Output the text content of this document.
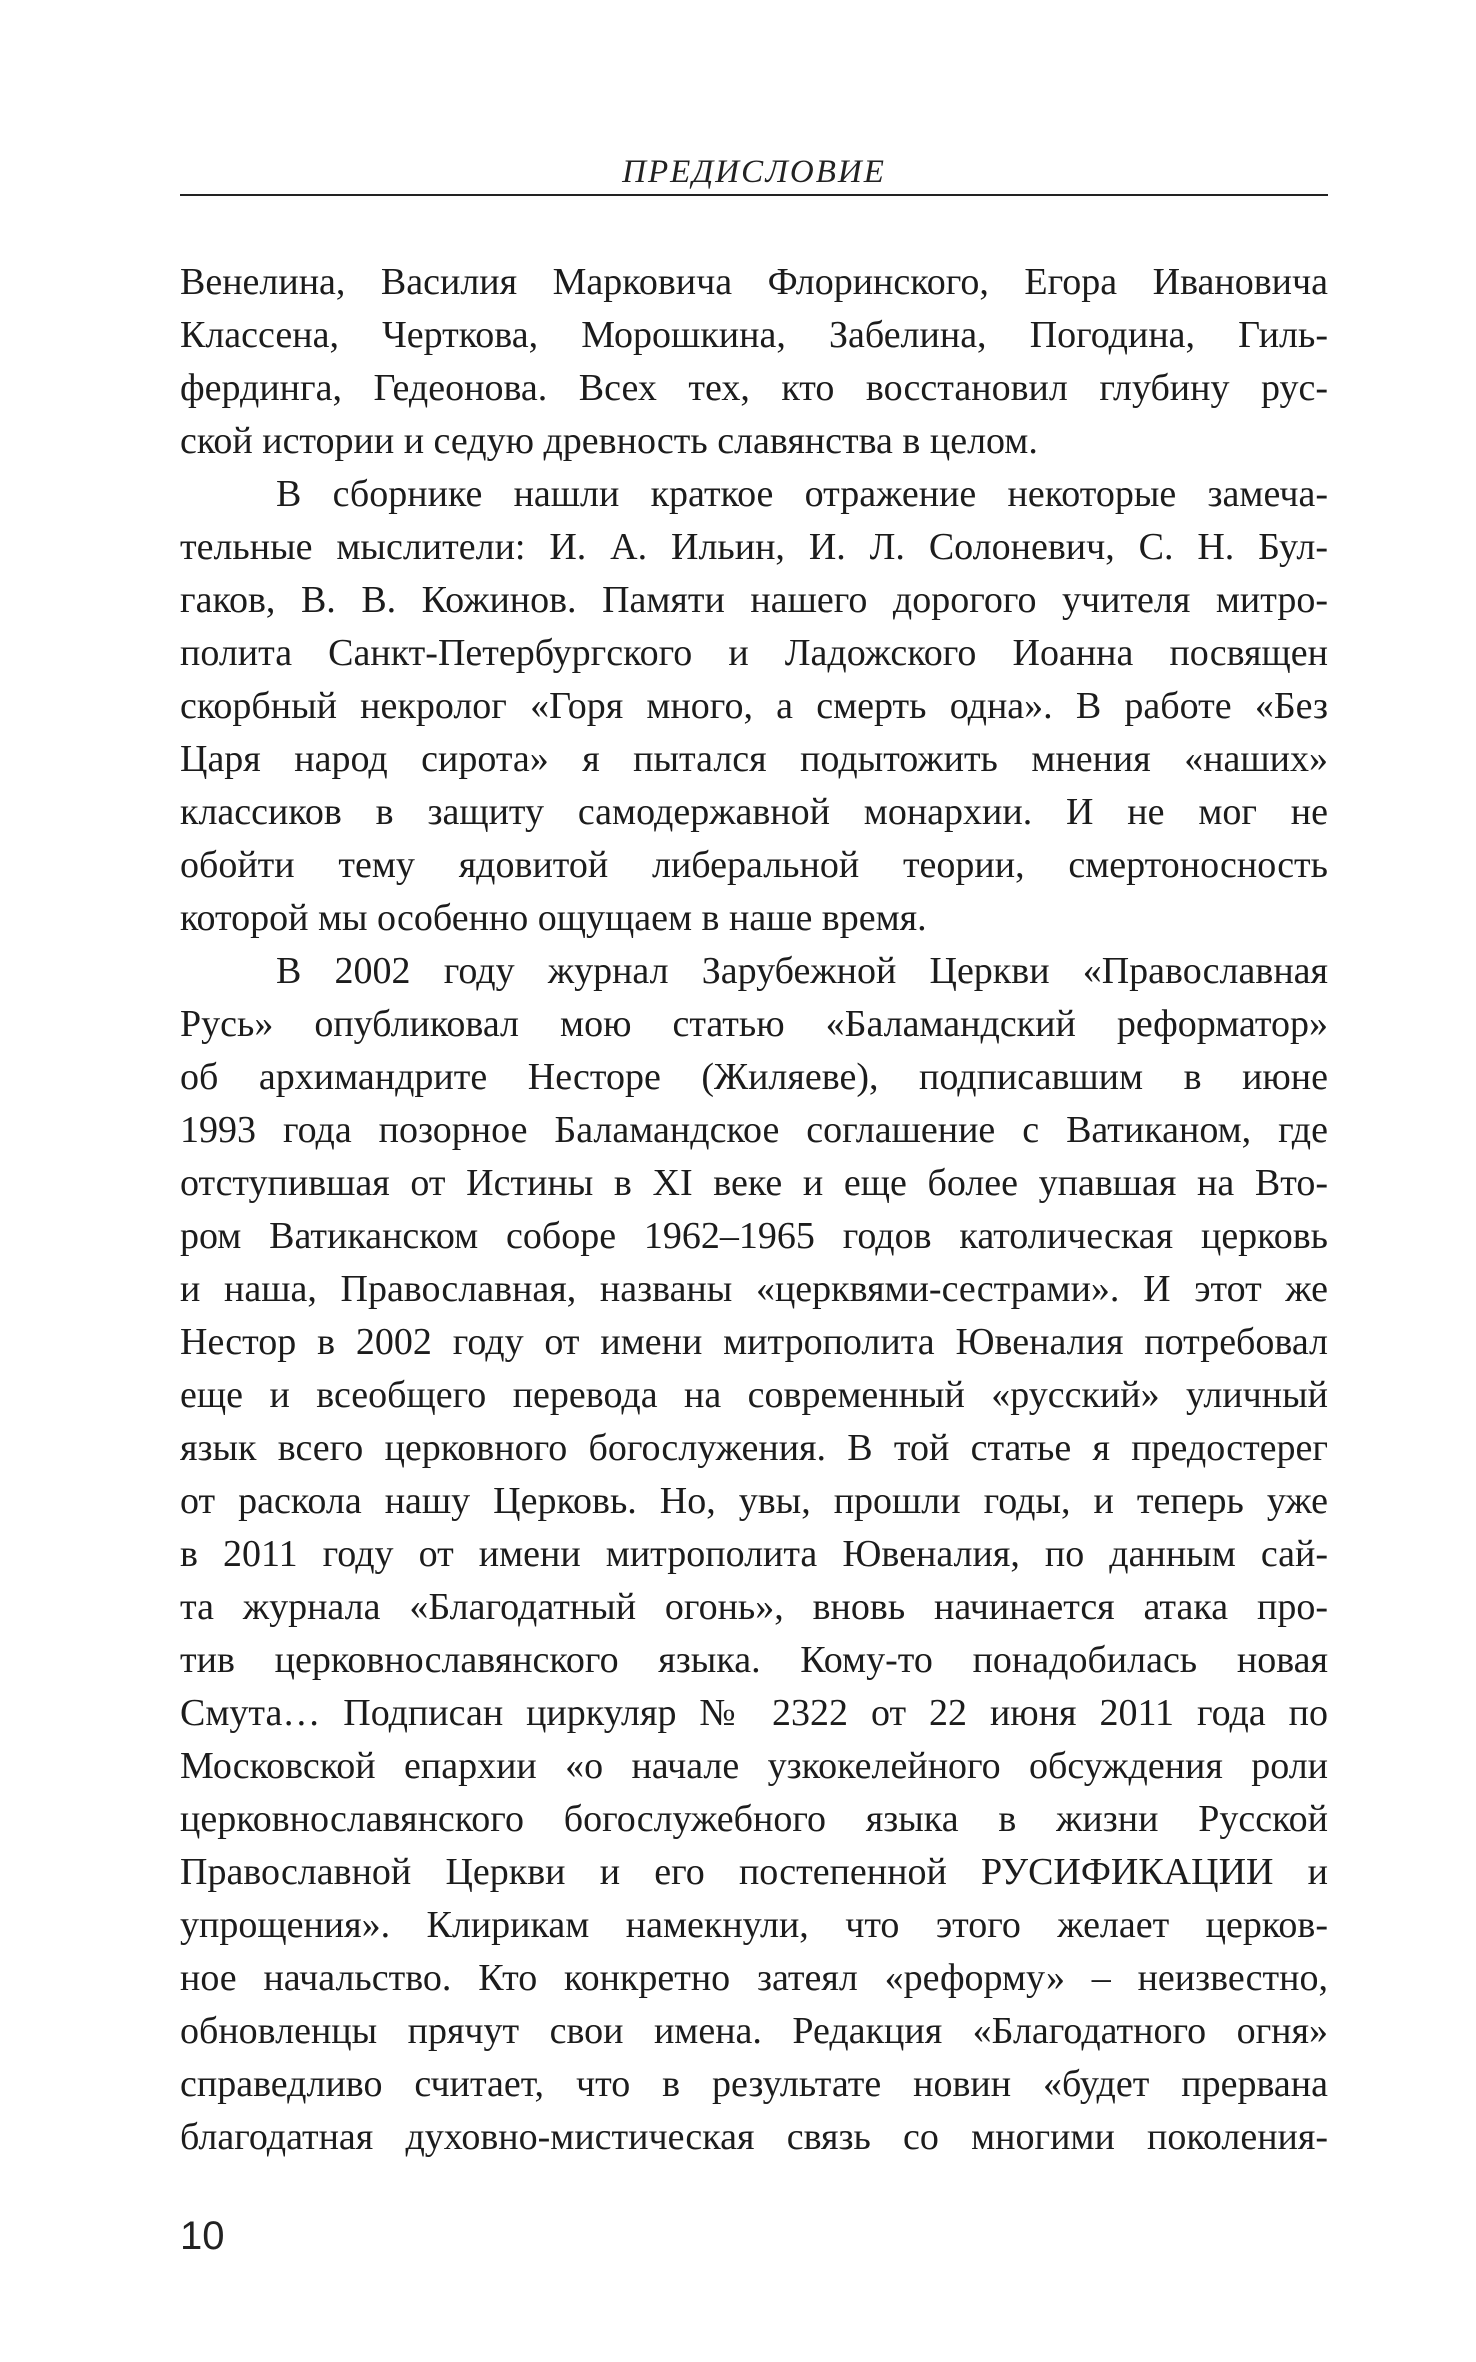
ПРЕДИСЛОВИЕ
Венелина, Василия Марковича Флоринского, Егора Ивановича
Классена, Черткова, Морошкина, Забелина, Погодина, Гиль-
фердинга, Гедеонова. Всех тех, кто восстановил глубину рус-
ской истории и седую древность славянства в целом.
В сборнике нашли краткое отражение некоторые замеча-
тельные мыслители: И. А. Ильин, И. Л. Солоневич, С. Н. Бул-
гаков, В. В. Кожинов. Памяти нашего дорогого учителя митро-
полита Санкт-Петербургского и Ладожского Иоанна посвящен
скорбный некролог «Горя много, а смерть одна». В работе «Без
Царя народ сирота» я пытался подытожить мнения «наших»
классиков в защиту самодержавной монархии. И не мог не
обойти тему ядовитой либеральной теории, смертоносность
которой мы особенно ощущаем в наше время.
В 2002 году журнал Зарубежной Церкви «Православная
Русь» опубликовал мою статью «Баламандский реформатор»
об архимандрите Несторе (Жиляеве), подписавшим в июне
1993 года позорное Баламандское соглашение с Ватиканом, где
отступившая от Истины в XI веке и еще более упавшая на Вто-
ром Ватиканском соборе 1962–1965 годов католическая церковь
и наша, Православная, названы «церквями-сестрами». И этот же
Нестор в 2002 году от имени митрополита Ювеналия потребовал
еще и всеобщего перевода на современный «русский» уличный
язык всего церковного богослужения. В той статье я предостерег
от раскола нашу Церковь. Но, увы, прошли годы, и теперь уже
в 2011 году от имени митрополита Ювеналия, по данным сай-
та журнала «Благодатный огонь», вновь начинается атака про-
тив церковнославянского языка. Кому-то понадобилась новая
Смута… Подписан циркуляр № 2322 от 22 июня 2011 года по
Московской епархии «о начале узкокелейного обсуждения роли
церковнославянского богослужебного языка в жизни Русской
Православной Церкви и его постепенной РУСИФИКАЦИИ и
упрощения». Клирикам намекнули, что этого желает церков-
ное начальство. Кто конкретно затеял «реформу» – неизвестно,
обновленцы прячут свои имена. Редакция «Благодатного огня»
справедливо считает, что в результате новин «будет прервана
благодатная духовно-мистическая связь со многими поколения-
10
